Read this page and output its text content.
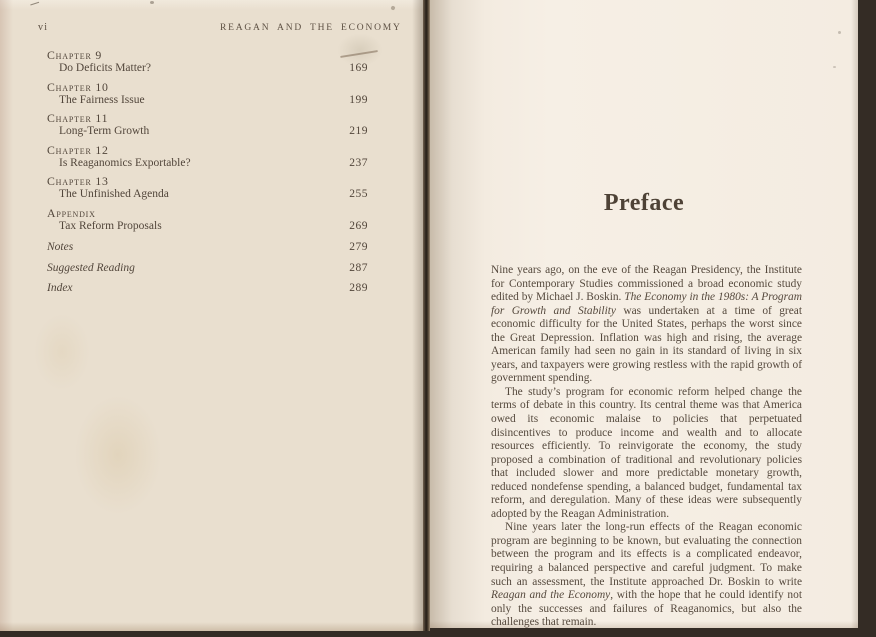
vi	REAGAN AND THE ECONOMY
Chapter 9
Do Deficits Matter?	169
Chapter 10
The Fairness Issue	199
Chapter 11
Long-Term Growth	219
Chapter 12
Is Reaganomics Exportable?	237
Chapter 13
The Unfinished Agenda	255
Appendix
Tax Reform Proposals	269
Notes	279
Suggested Reading	287
Index	289
Preface

Nine years ago, on the eve of the Reagan Presidency, the Institute for Contemporary Studies commissioned a broad economic study edited by Michael J. Boskin. The Economy in the 1980s: A Program for Growth and Stability was undertaken at a time of great economic difficulty for the United States, perhaps the worst since the Great Depression. Inflation was high and rising, the average American family had seen no gain in its standard of living in six years, and taxpayers were growing restless with the rapid growth of government spending.

The study’s program for economic reform helped change the terms of debate in this country. Its central theme was that America owed its economic malaise to policies that perpetuated disincentives to produce income and wealth and to allocate resources efficiently. To reinvigorate the economy, the study proposed a combination of traditional and revolutionary policies that included slower and more predictable monetary growth, reduced nondefense spending, a balanced budget, fundamental tax reform, and deregulation. Many of these ideas were subsequently adopted by the Reagan Administration.

Nine years later the long-run effects of the Reagan economic program are beginning to be known, but evaluating the connection between the program and its effects is a complicated endeavor, requiring a balanced perspective and careful judgment. To make such an assessment, the Institute approached Dr. Boskin to write Reagan and the Economy, with the hope that he could identify not only the successes and failures of Reaganomics, but also the challenges that remain.
